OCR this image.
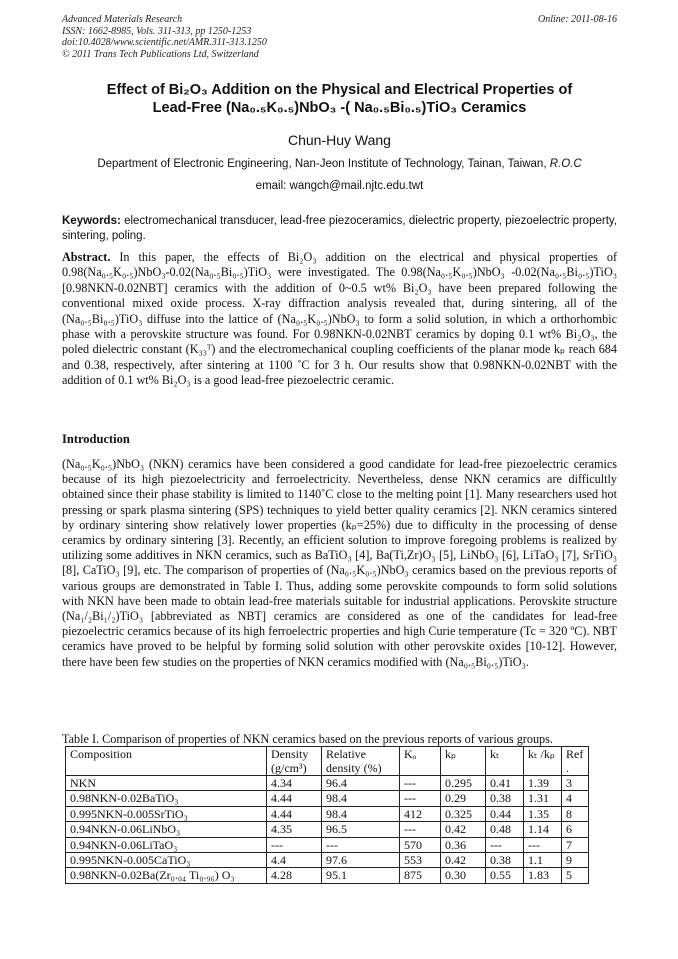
Advanced Materials Research
ISSN: 1662-8985, Vols. 311-313, pp 1250-1253
doi:10.4028/www.scientific.net/AMR.311-313.1250
© 2011 Trans Tech Publications Ltd, Switzerland
Online: 2011-08-16
Effect of Bi₂O₃ Addition on the Physical and Electrical Properties of
Lead-Free (Na₀.₅K₀.₅)NbO₃ -( Na₀.₅Bi₀.₅)TiO₃ Ceramics
Chun-Huy Wang
Department of Electronic Engineering, Nan-Jeon Institute of Technology, Tainan, Taiwan, R.O.C
email: wangch@mail.njtc.edu.twt
Keywords: electromechanical transducer, lead-free piezoceramics, dielectric property, piezoelectric property, sintering, poling.
Abstract. In this paper, the effects of Bi₂O₃ addition on the electrical and physical properties of 0.98(Na₀.₅K₀.₅)NbO₃-0.02(Na₀.₅Bi₀.₅)TiO₃ were investigated. The 0.98(Na₀.₅K₀.₅)NbO₃ -0.02(Na₀.₅Bi₀.₅)TiO₃ [0.98NKN-0.02NBT] ceramics with the addition of 0~0.5 wt% Bi₂O₃ have been prepared following the conventional mixed oxide process. X-ray diffraction analysis revealed that, during sintering, all of the (Na₀.₅Bi₀.₅)TiO₃ diffuse into the lattice of (Na₀.₅K₀.₅)NbO₃ to form a solid solution, in which a orthorhombic phase with a perovskite structure was found. For 0.98NKN-0.02NBT ceramics by doping 0.1 wt% Bi₂O₃, the poled dielectric constant (K₃₃ᵀ) and the electromechanical coupling coefficients of the planar mode kₚ reach 684 and 0.38, respectively, after sintering at 1100 ˚C for 3 h. Our results show that 0.98NKN-0.02NBT with the addition of 0.1 wt% Bi₂O₃ is a good lead-free piezoelectric ceramic.
Introduction
(Na₀.₅K₀.₅)NbO₃ (NKN) ceramics have been considered a good candidate for lead-free piezoelectric ceramics because of its high piezoelectricity and ferroelectricity. Nevertheless, dense NKN ceramics are difficultly obtained since their phase stability is limited to 1140˚C close to the melting point [1]. Many researchers used hot pressing or spark plasma sintering (SPS) techniques to yield better quality ceramics [2]. NKN ceramics sintered by ordinary sintering show relatively lower properties (kₚ=25%) due to difficulty in the processing of dense ceramics by ordinary sintering [3]. Recently, an efficient solution to improve foregoing problems is realized by utilizing some additives in NKN ceramics, such as BaTiO₃ [4], Ba(Ti,Zr)O₃ [5], LiNbO₃ [6], LiTaO₃ [7], SrTiO₃ [8], CaTiO₃ [9], etc. The comparison of properties of (Na₀.₅K₀.₅)NbO₃ ceramics based on the previous reports of various groups are demonstrated in Table I. Thus, adding some perovskite compounds to form solid solutions with NKN have been made to obtain lead-free materials suitable for industrial applications. Perovskite structure (Na₁/₂Bi₁/₂)TiO₃ [abbreviated as NBT] ceramics are considered as one of the candidates for lead-free piezoelectric ceramics because of its high ferroelectric properties and high Curie temperature (Tc = 320 ºC). NBT ceramics have proved to be helpful by forming solid solution with other perovskite oxides [10-12]. However, there have been few studies on the properties of NKN ceramics modified with (Na₀.₅Bi₀.₅)TiO₃.
Table I. Comparison of properties of NKN ceramics based on the previous reports of various groups.
Composition	Density (g/cm³)	Relative density (%)	Kₒ	kₚ	kₜ	kₜ /kₚ	Ref .
NKN	4.34	96.4	---	0.295	0.41	1.39	3
0.98NKN-0.02BaTiO₃	4.44	98.4	---	0.29	0.38	1.31	4
0.995NKN-0.005SrTiO₃	4.44	98.4	412	0.325	0.44	1.35	8
0.94NKN-0.06LiNbO₃	4.35	96.5	---	0.42	0.48	1.14	6
0.94NKN-0.06LiTaO₃	---	---	570	0.36	---	---	7
0.995NKN-0.005CaTiO₃	4.4	97.6	553	0.42	0.38	1.1	9
0.98NKN-0.02Ba(Zr₀.₀₄ Ti₀.₉₆) O₃	4.28	95.1	875	0.30	0.55	1.83	5
